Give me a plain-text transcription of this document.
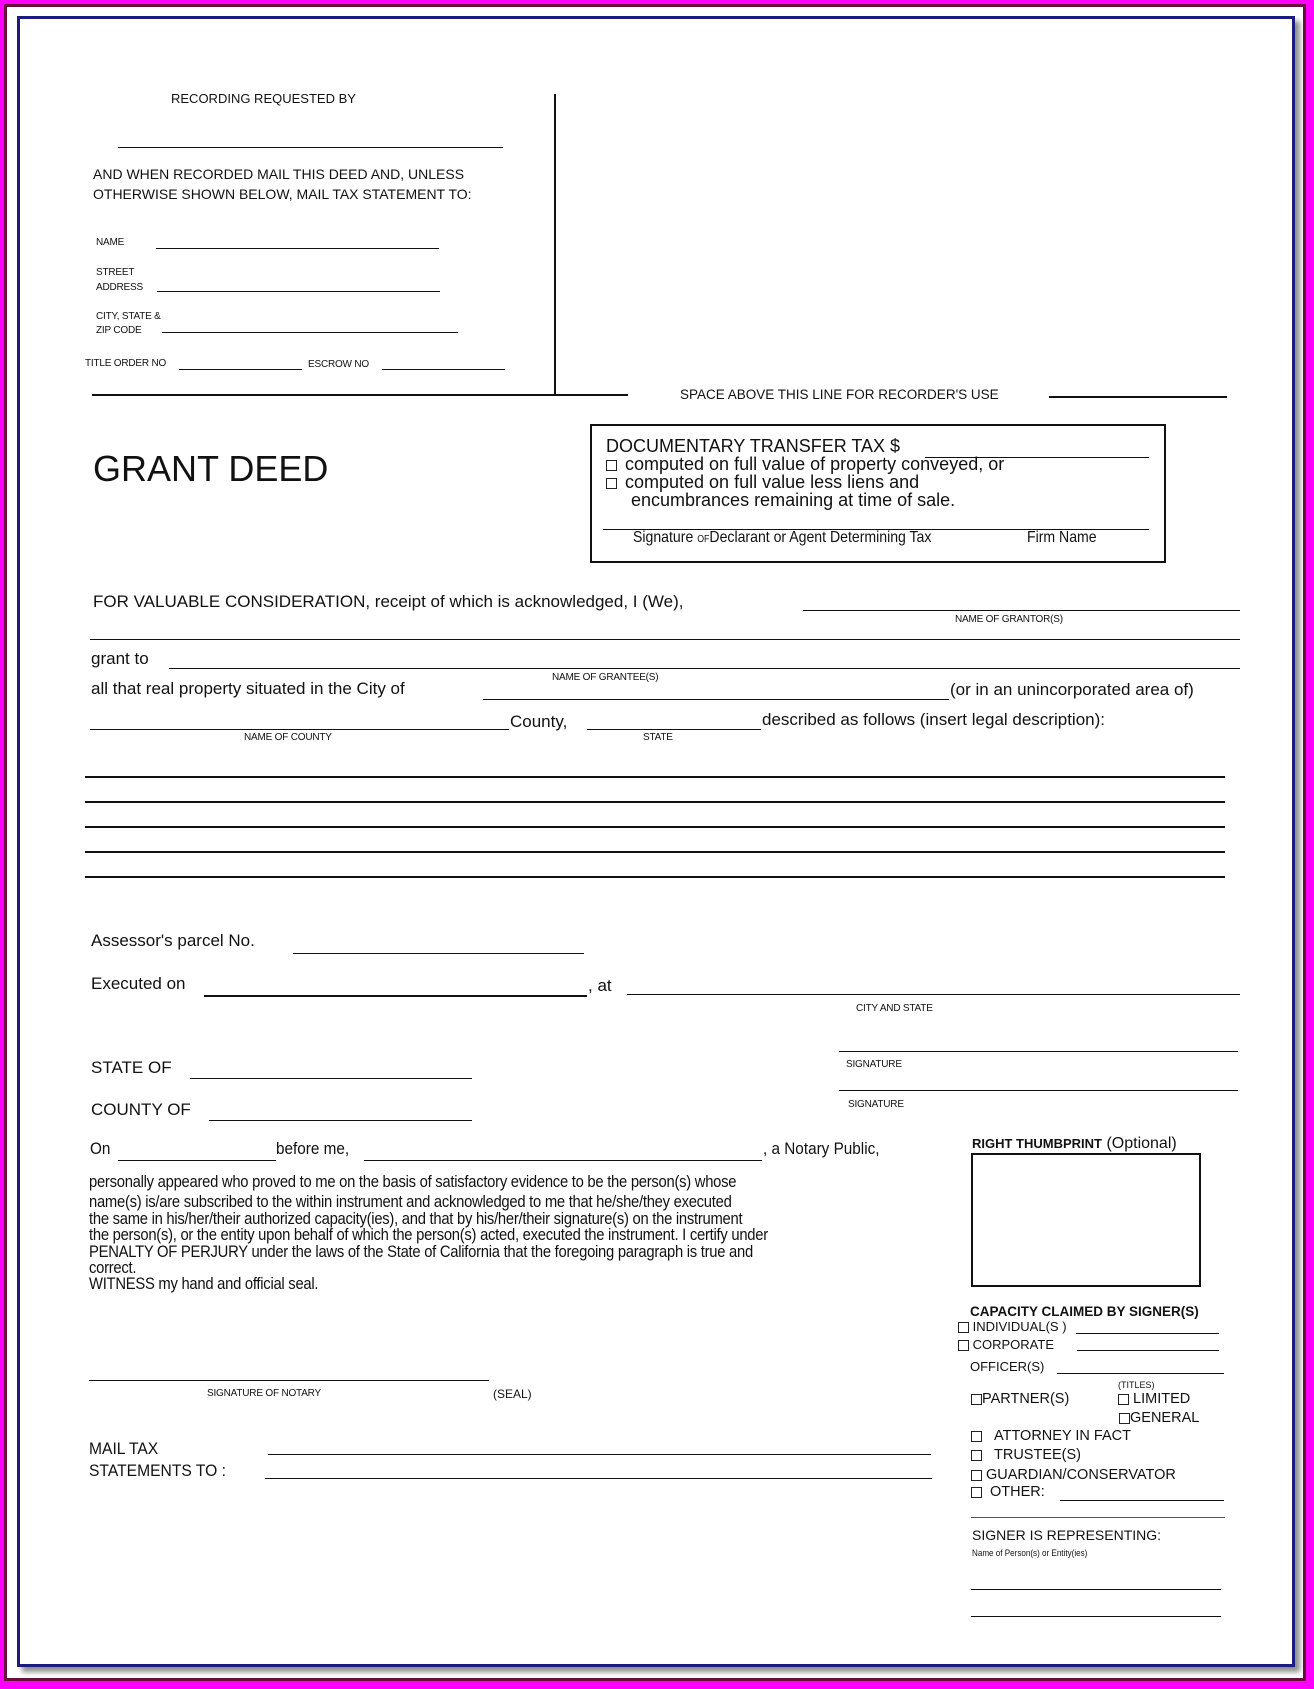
RECORDING REQUESTED BY
AND WHEN RECORDED MAIL THIS DEED AND, UNLESS
OTHERWISE SHOWN BELOW, MAIL TAX STATEMENT TO:
NAME
STREET
ADDRESS
CITY, STATE &
ZIP CODE
TITLE ORDER NO	ESCROW NO
SPACE ABOVE THIS LINE FOR RECORDER'S USE
GRANT DEED
DOCUMENTARY TRANSFER TAX $
computed on full value of property conveyed, or
computed on full value less liens and
encumbrances remaining at time of sale.
Signature OFDeclarant or Agent Determining Tax	Firm Name
FOR VALUABLE CONSIDERATION, receipt of which is acknowledged, I (We),
NAME OF GRANTOR(S)
grant to
NAME OF GRANTEE(S)
all that real property situated in the City of	(or in an unincorporated area of)
County,
NAME OF COUNTY	STATE
described as follows (insert legal description):
Assessor's parcel No.
Executed on	, at
CITY AND STATE
SIGNATURE
SIGNATURE
STATE OF
COUNTY OF
On	before me,	, a Notary Public,
personally appeared who proved to me on the basis of satisfactory evidence to be the person(s) whose
name(s) is/are subscribed to the within instrument and acknowledged to me that he/she/they executed
the same in his/her/their authorized capacity(ies), and that by his/her/their signature(s) on the instrument
the person(s), or the entity upon behalf of which the person(s) acted, executed the instrument. I certify under
PENALTY OF PERJURY under the laws of the State of California that the foregoing paragraph is true and
correct.
WITNESS my hand and official seal.
SIGNATURE OF NOTARY	(SEAL)
MAIL TAX
STATEMENTS TO :
RIGHT THUMBPRINT (Optional)
CAPACITY CLAIMED BY SIGNER(S)
INDIVIDUAL(S )
CORPORATE
OFFICER(S)
(TITLES)
PARTNER(S)	LIMITED
GENERAL
ATTORNEY IN FACT
TRUSTEE(S)
GUARDIAN/CONSERVATOR
OTHER:
SIGNER IS REPRESENTING:
Name of Person(s) or Entity(ies)
